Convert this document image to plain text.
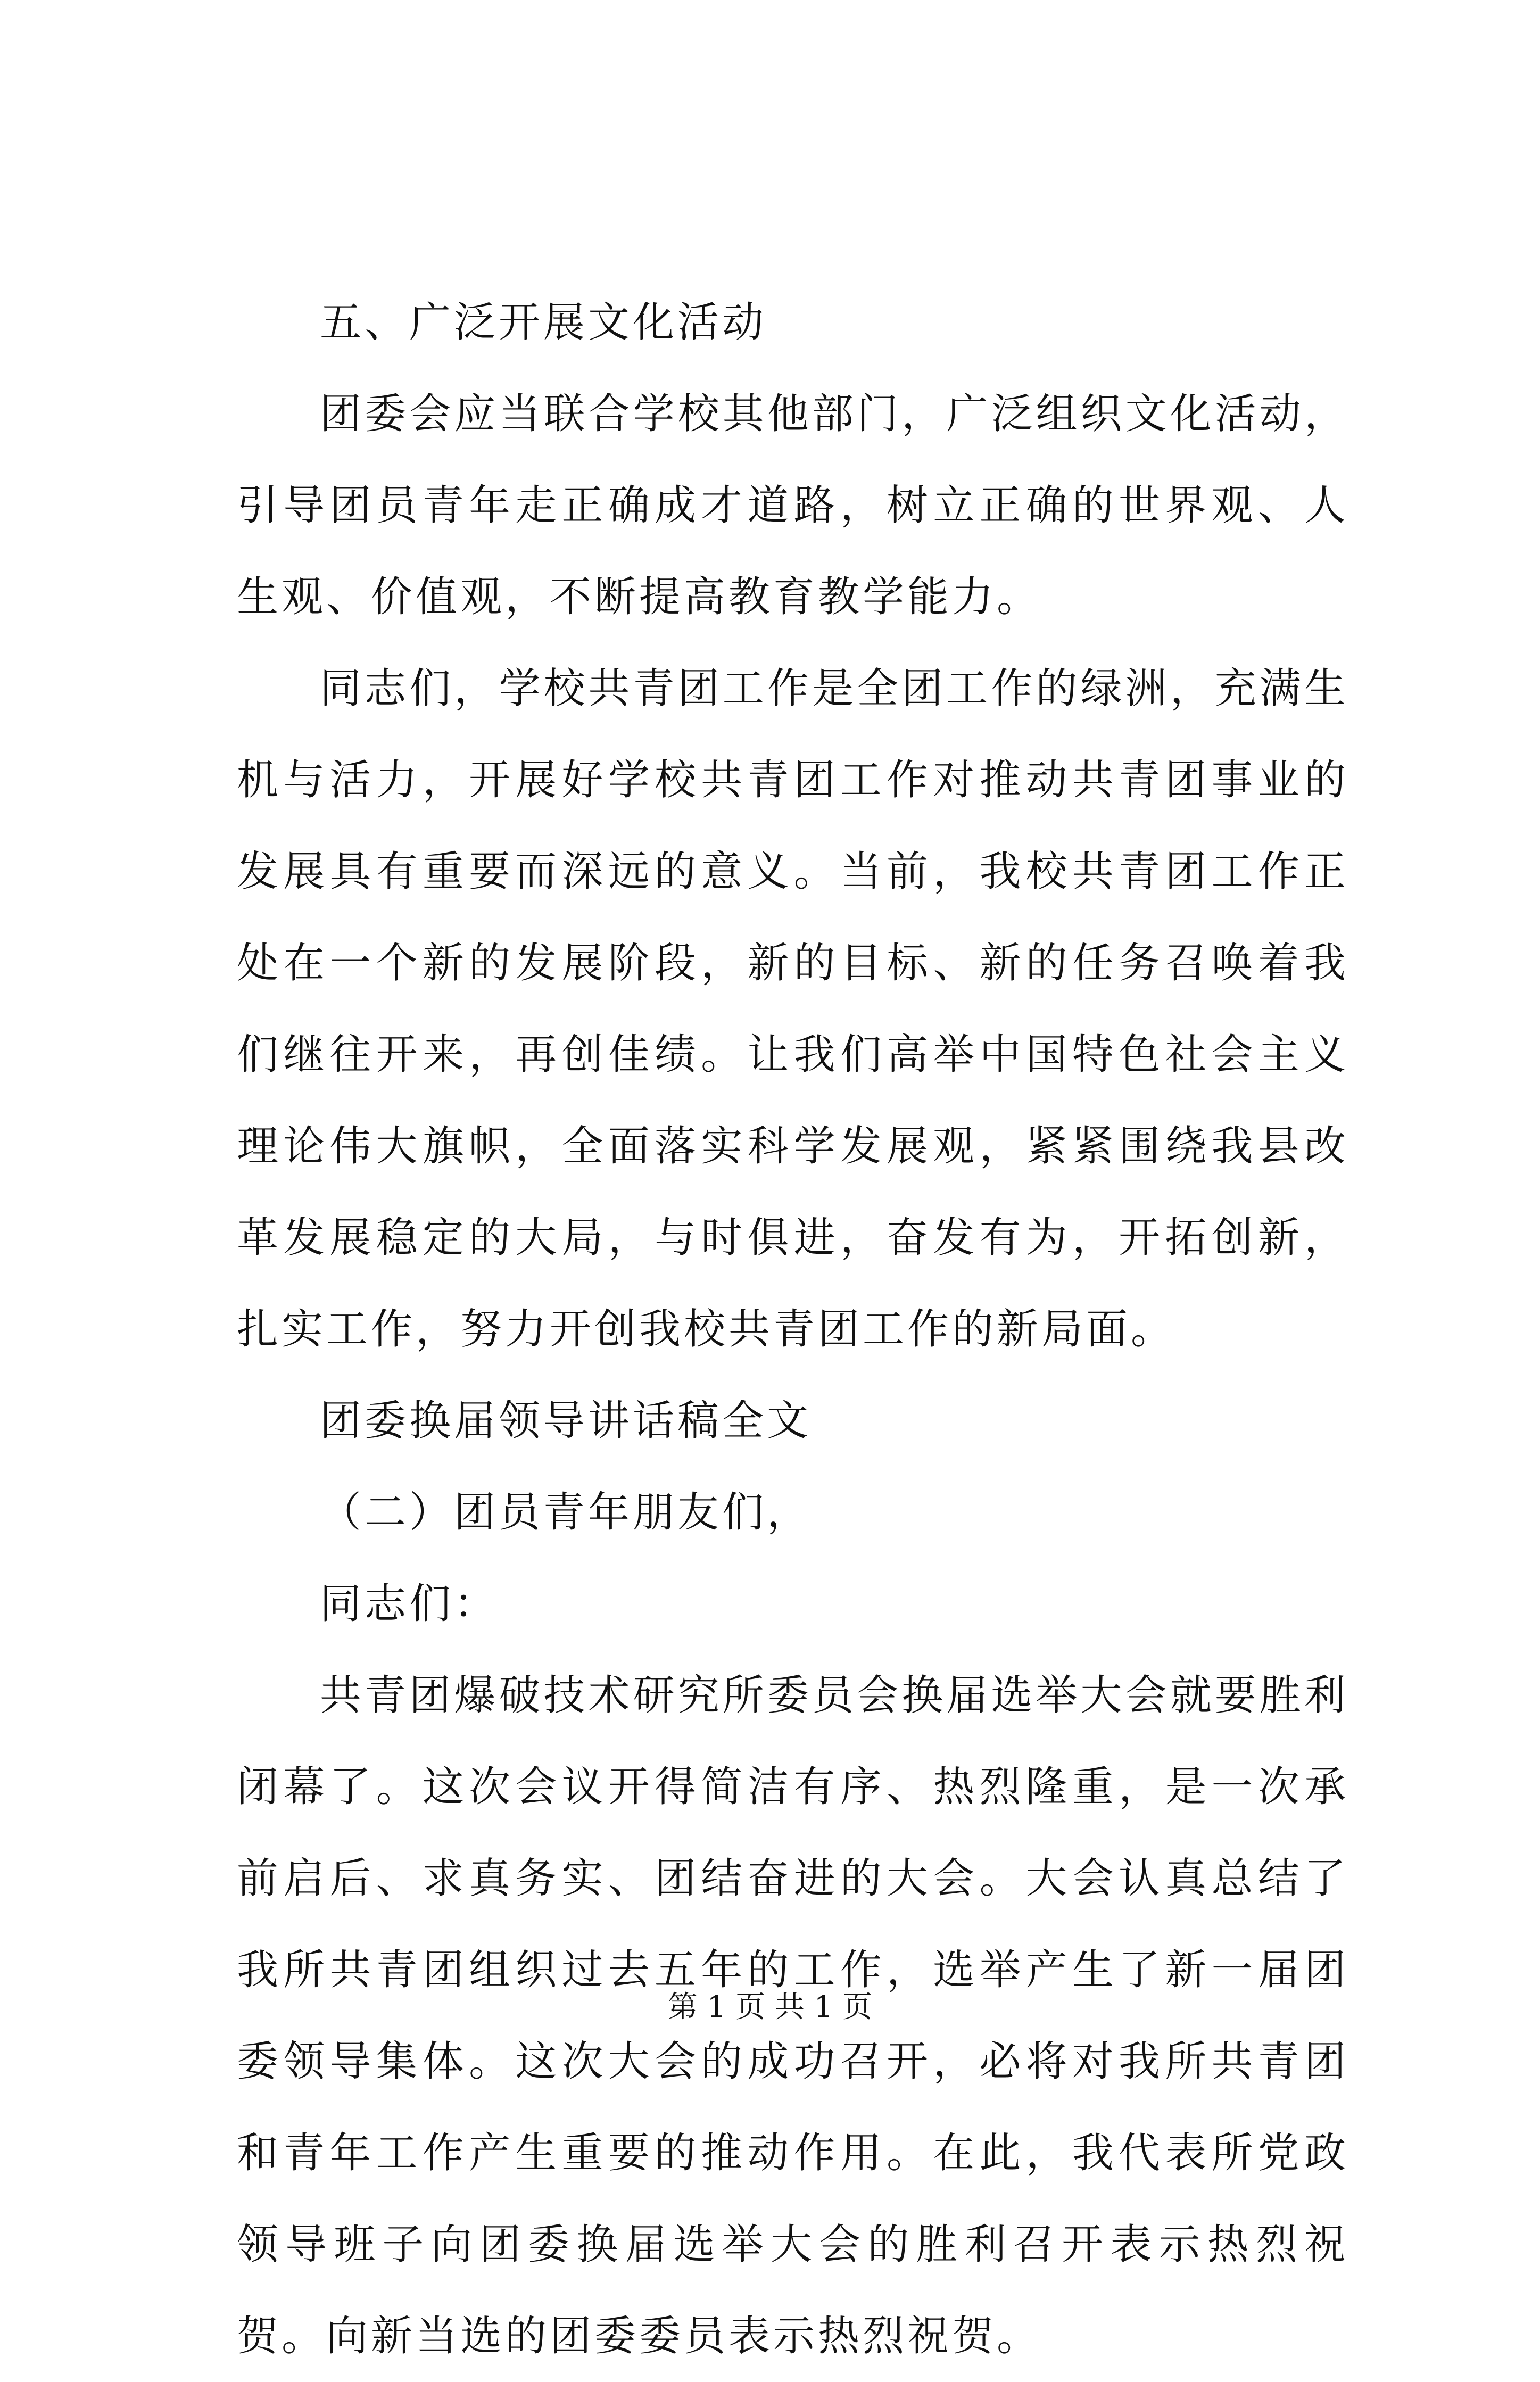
五、广泛开展文化活动

团委会应当联合学校其他部门，广泛组织文化活动，引导团员青年走正确成才道路，树立正确的世界观、人生观、价值观，不断提高教育教学能力。

同志们，学校共青团工作是全团工作的绿洲，充满生机与活力，开展好学校共青团工作对推动共青团事业的发展具有重要而深远的意义。当前，我校共青团工作正处在一个新的发展阶段，新的目标、新的任务召唤着我们继往开来，再创佳绩。让我们高举中国特色社会主义理论伟大旗帜，全面落实科学发展观，紧紧围绕我县改革发展稳定的大局，与时俱进，奋发有为，开拓创新，扎实工作，努力开创我校共青团工作的新局面。

团委换届领导讲话稿全文

（二）团员青年朋友们，

同志们：

共青团爆破技术研究所委员会换届选举大会就要胜利闭幕了。这次会议开得简洁有序、热烈隆重，是一次承前启后、求真务实、团结奋进的大会。大会认真总结了我所共青团组织过去五年的工作，选举产生了新一届团委领导集体。这次大会的成功召开，必将对我所共青团和青年工作产生重要的推动作用。在此，我代表所党政领导班子向团委换届选举大会的胜利召开表示热烈祝贺。向新当选的团委委员表示热烈祝贺。

第 1 页 共 1 页
